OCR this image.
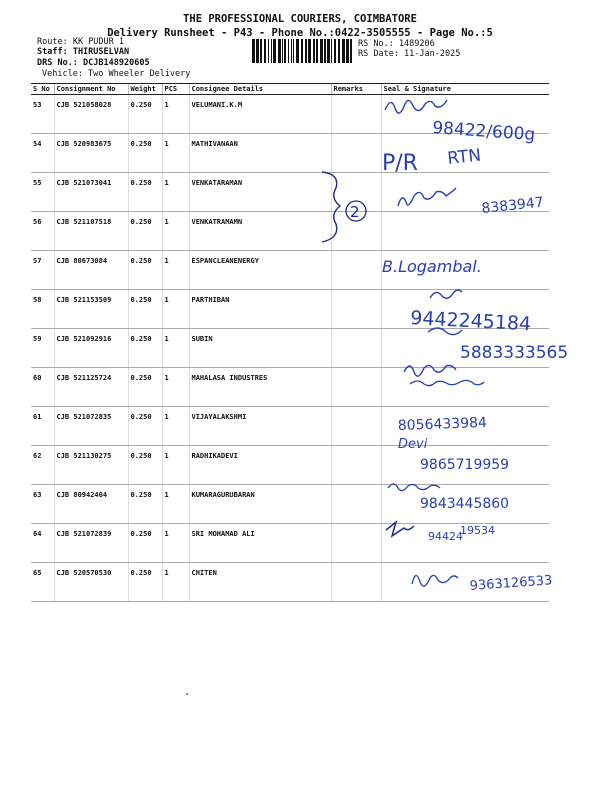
THE PROFESSIONAL COURIERS, COIMBATORE
Delivery Runsheet - P43 - Phone No.:0422-3505555 - Page No.:5
Route: KK PUDUR 1
Staff: THIRUSELVAN
DRS No.: DCJB148920605
Vehicle: Two Wheeler Delivery
RS No.: 1489206
RS Date: 11-Jan-2025
S No	Consignment No	Weight	PCS	Consignee Details	Remarks	Seal & Signature
53	CJB 521058028	0.250	1	VELUMANI.K.M		
54	CJB 520983675	0.250	1	MATHIVANAAN		
55	CJB 521073041	0.250	1	VENKATARAMAN		
56	CJB 521107518	0.250	1	VENKATRAMAMN		
57	CJB 80673084	0.250	1	ESPANCLEANENERGY		
58	CJB 521153509	0.250	1	PARTHIBAN		
59	CJB 521092916	0.250	1	SUBIN		
60	CJB 521125724	0.250	1	MAHALASA INDUSTRES		
61	CJB 521072835	0.250	1	VIJAYALAKSHMI		
62	CJB 521130275	0.250	1	RADHIKADEVI		
63	CJB 80942404	0.250	1	KUMARAGURUBARAN		
64	CJB 521072839	0.250	1	SRI MOHAMAD ALI		
65	CJB 520570530	0.250	1	CHITEN		
98422/600g
P/R RTN
2	8383947
B.Logambal.
9442245184
5883333565
8056433984
Devi
9865719959
9843445860
94424
19534
9363126533
